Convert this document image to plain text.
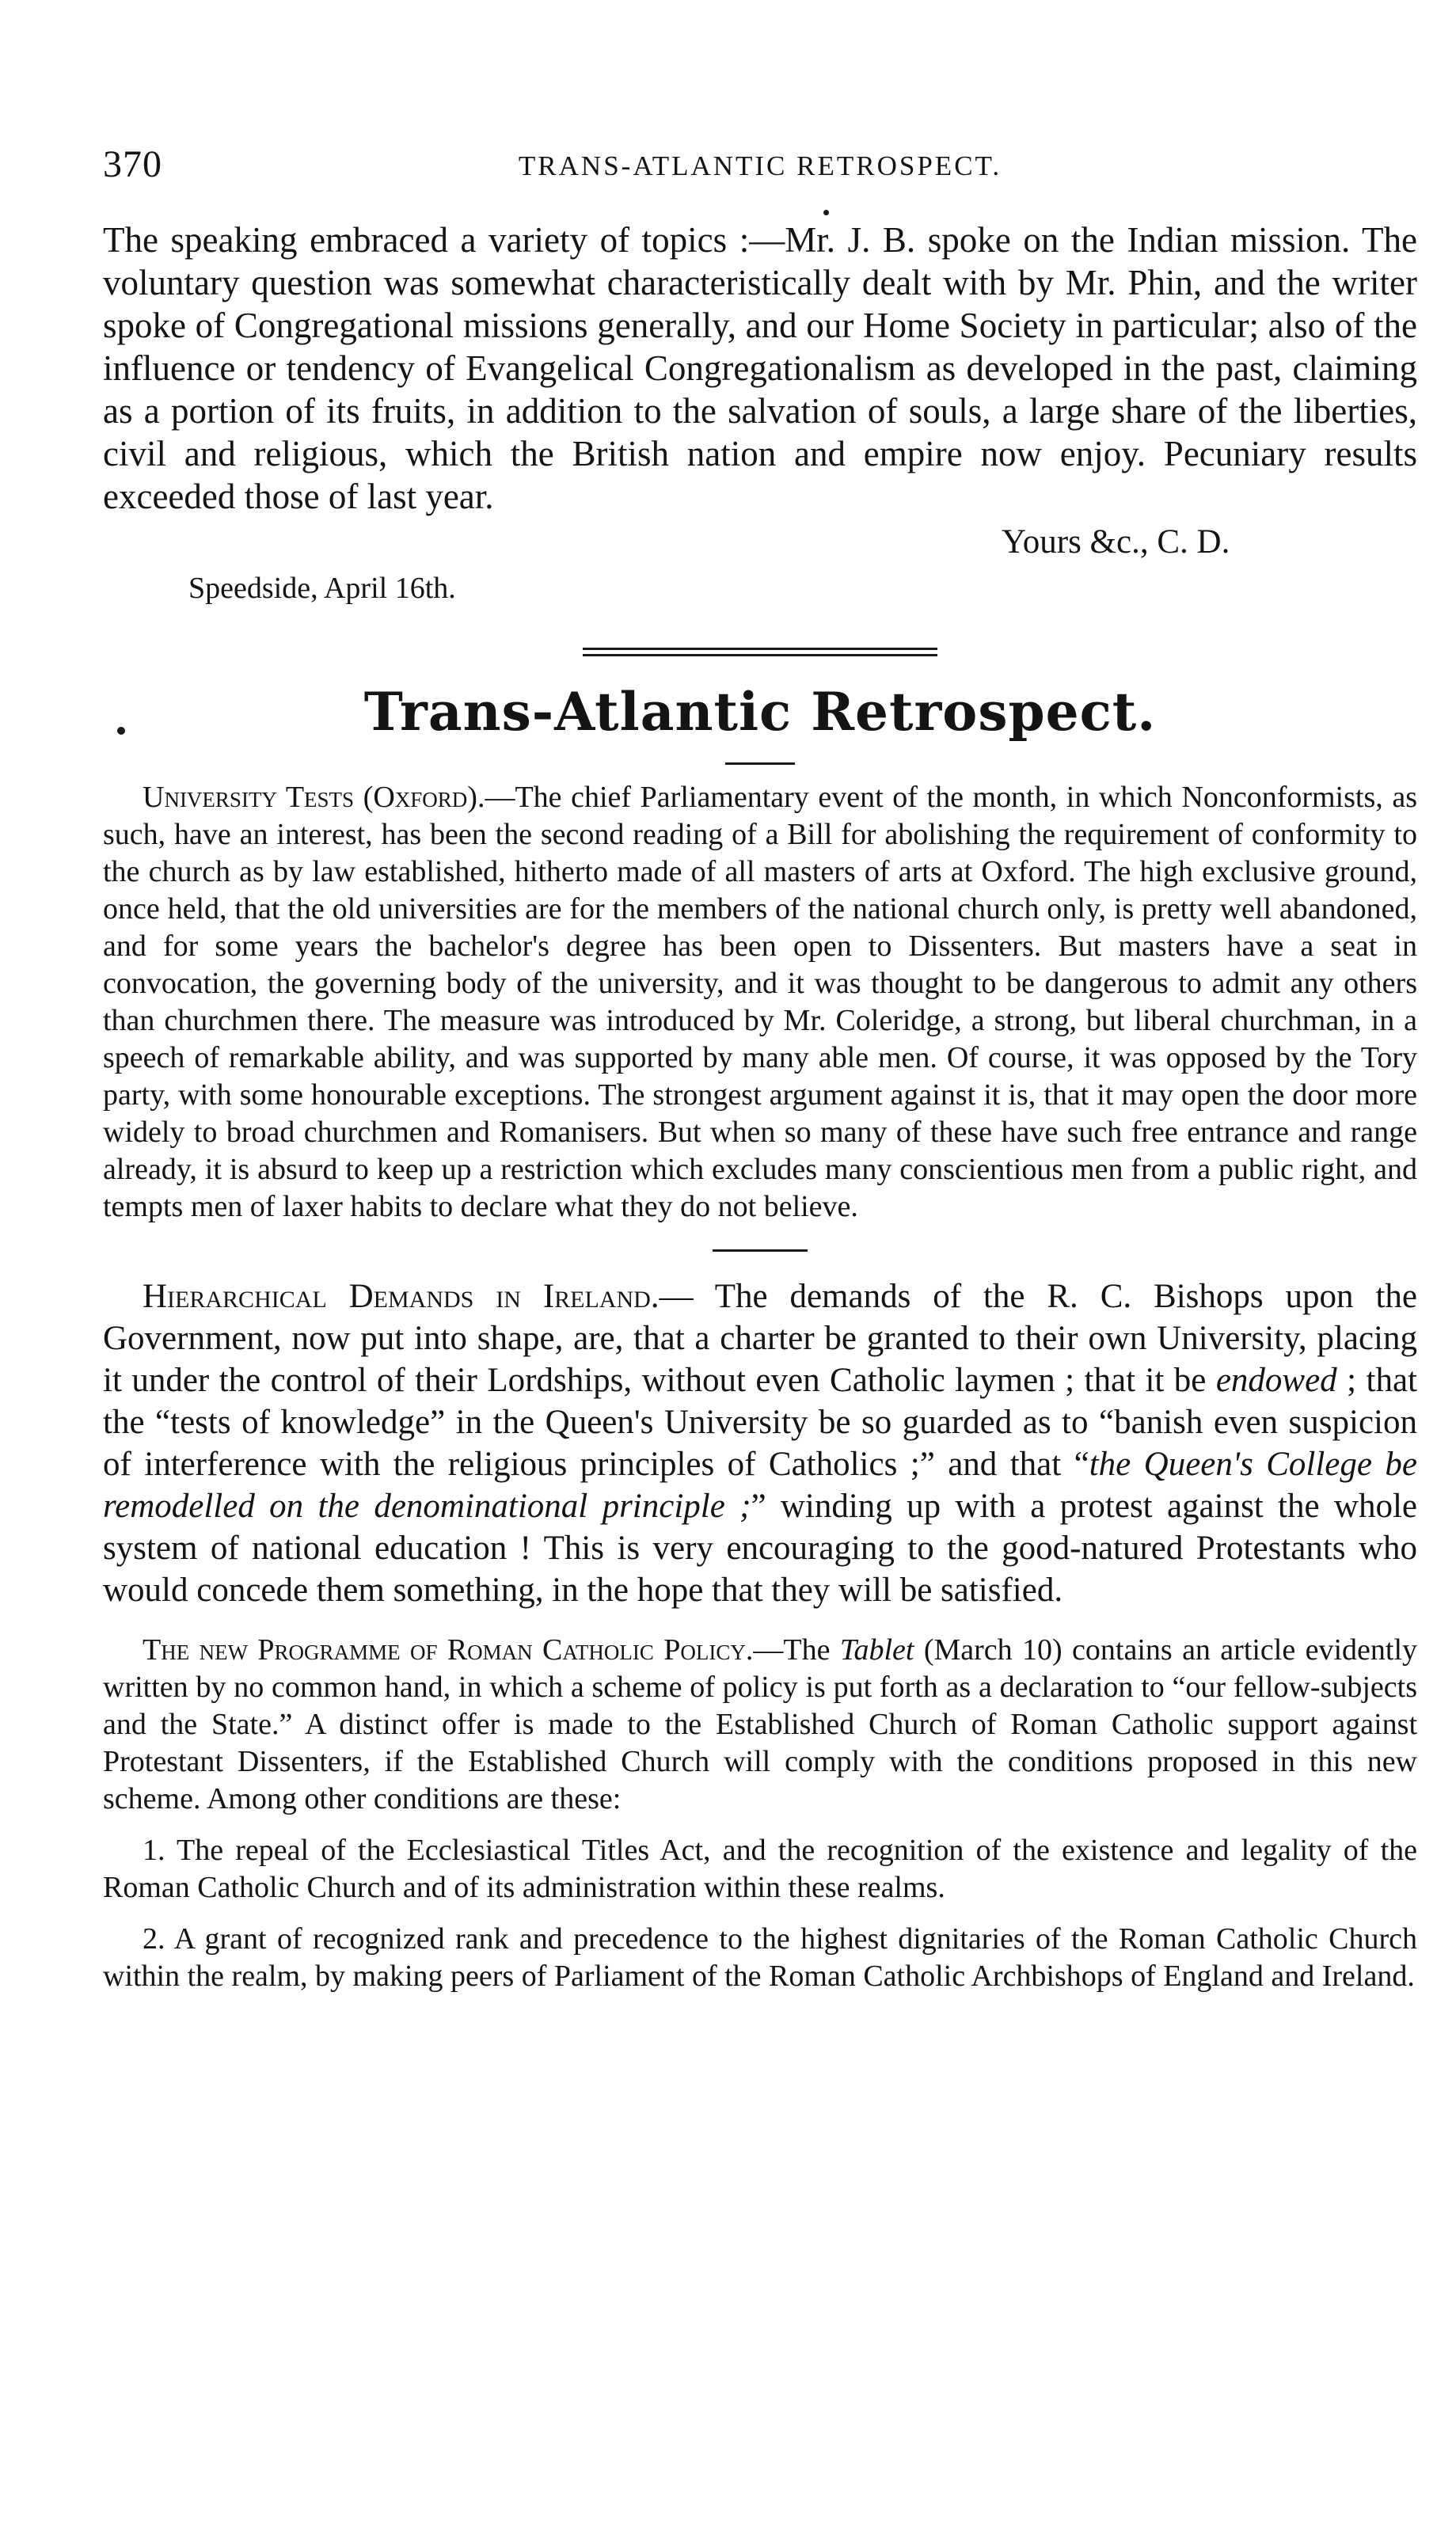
370	TRANS-ATLANTIC RETROSPECT.

The speaking embraced a variety of topics :—Mr. J. B. spoke on the Indian mission. The voluntary question was somewhat characteristically dealt with by Mr. Phin, and the writer spoke of Congregational missions generally, and our Home Society in particular; also of the influence or tendency of Evangelical Congregationalism as developed in the past, claiming as a portion of its fruits, in addition to the salvation of souls, a large share of the liberties, civil and religious, which the British nation and empire now enjoy. Pecuniary results exceeded those of last year.

Yours &c., C. D.

Speedside, April 16th.

Trans-Atlantic Retrospect.

University Tests (Oxford).—The chief Parliamentary event of the month, in which Nonconformists, as such, have an interest, has been the second reading of a Bill for abolishing the requirement of conformity to the church as by law established, hitherto made of all masters of arts at Oxford. The high exclusive ground, once held, that the old universities are for the members of the national church only, is pretty well abandoned, and for some years the bachelor's degree has been open to Dissenters. But masters have a seat in convocation, the governing body of the university, and it was thought to be dangerous to admit any others than churchmen there. The measure was introduced by Mr. Coleridge, a strong, but liberal churchman, in a speech of remarkable ability, and was supported by many able men. Of course, it was opposed by the Tory party, with some honourable exceptions. The strongest argument against it is, that it may open the door more widely to broad churchmen and Romanisers. But when so many of these have such free entrance and range already, it is absurd to keep up a restriction which excludes many conscientious men from a public right, and tempts men of laxer habits to declare what they do not believe.

Hierarchical Demands in Ireland.— The demands of the R. C. Bishops upon the Government, now put into shape, are, that a charter be granted to their own University, placing it under the control of their Lordships, without even Catholic laymen ; that it be endowed ; that the “tests of knowledge” in the Queen's University be so guarded as to “banish even suspicion of interference with the religious principles of Catholics ;” and that “the Queen's College be remodelled on the denominational principle ;” winding up with a protest against the whole system of national education ! This is very encouraging to the good-natured Protestants who would concede them something, in the hope that they will be satisfied.

The new Programme of Roman Catholic Policy.—The Tablet (March 10) contains an article evidently written by no common hand, in which a scheme of policy is put forth as a declaration to “our fellow-subjects and the State.” A distinct offer is made to the Established Church of Roman Catholic support against Protestant Dissenters, if the Established Church will comply with the conditions proposed in this new scheme. Among other conditions are these:

1. The repeal of the Ecclesiastical Titles Act, and the recognition of the existence and legality of the Roman Catholic Church and of its administration within these realms.

2. A grant of recognized rank and precedence to the highest dignitaries of the Roman Catholic Church within the realm, by making peers of Parliament of the Roman Catholic Archbishops of England and Ireland.
